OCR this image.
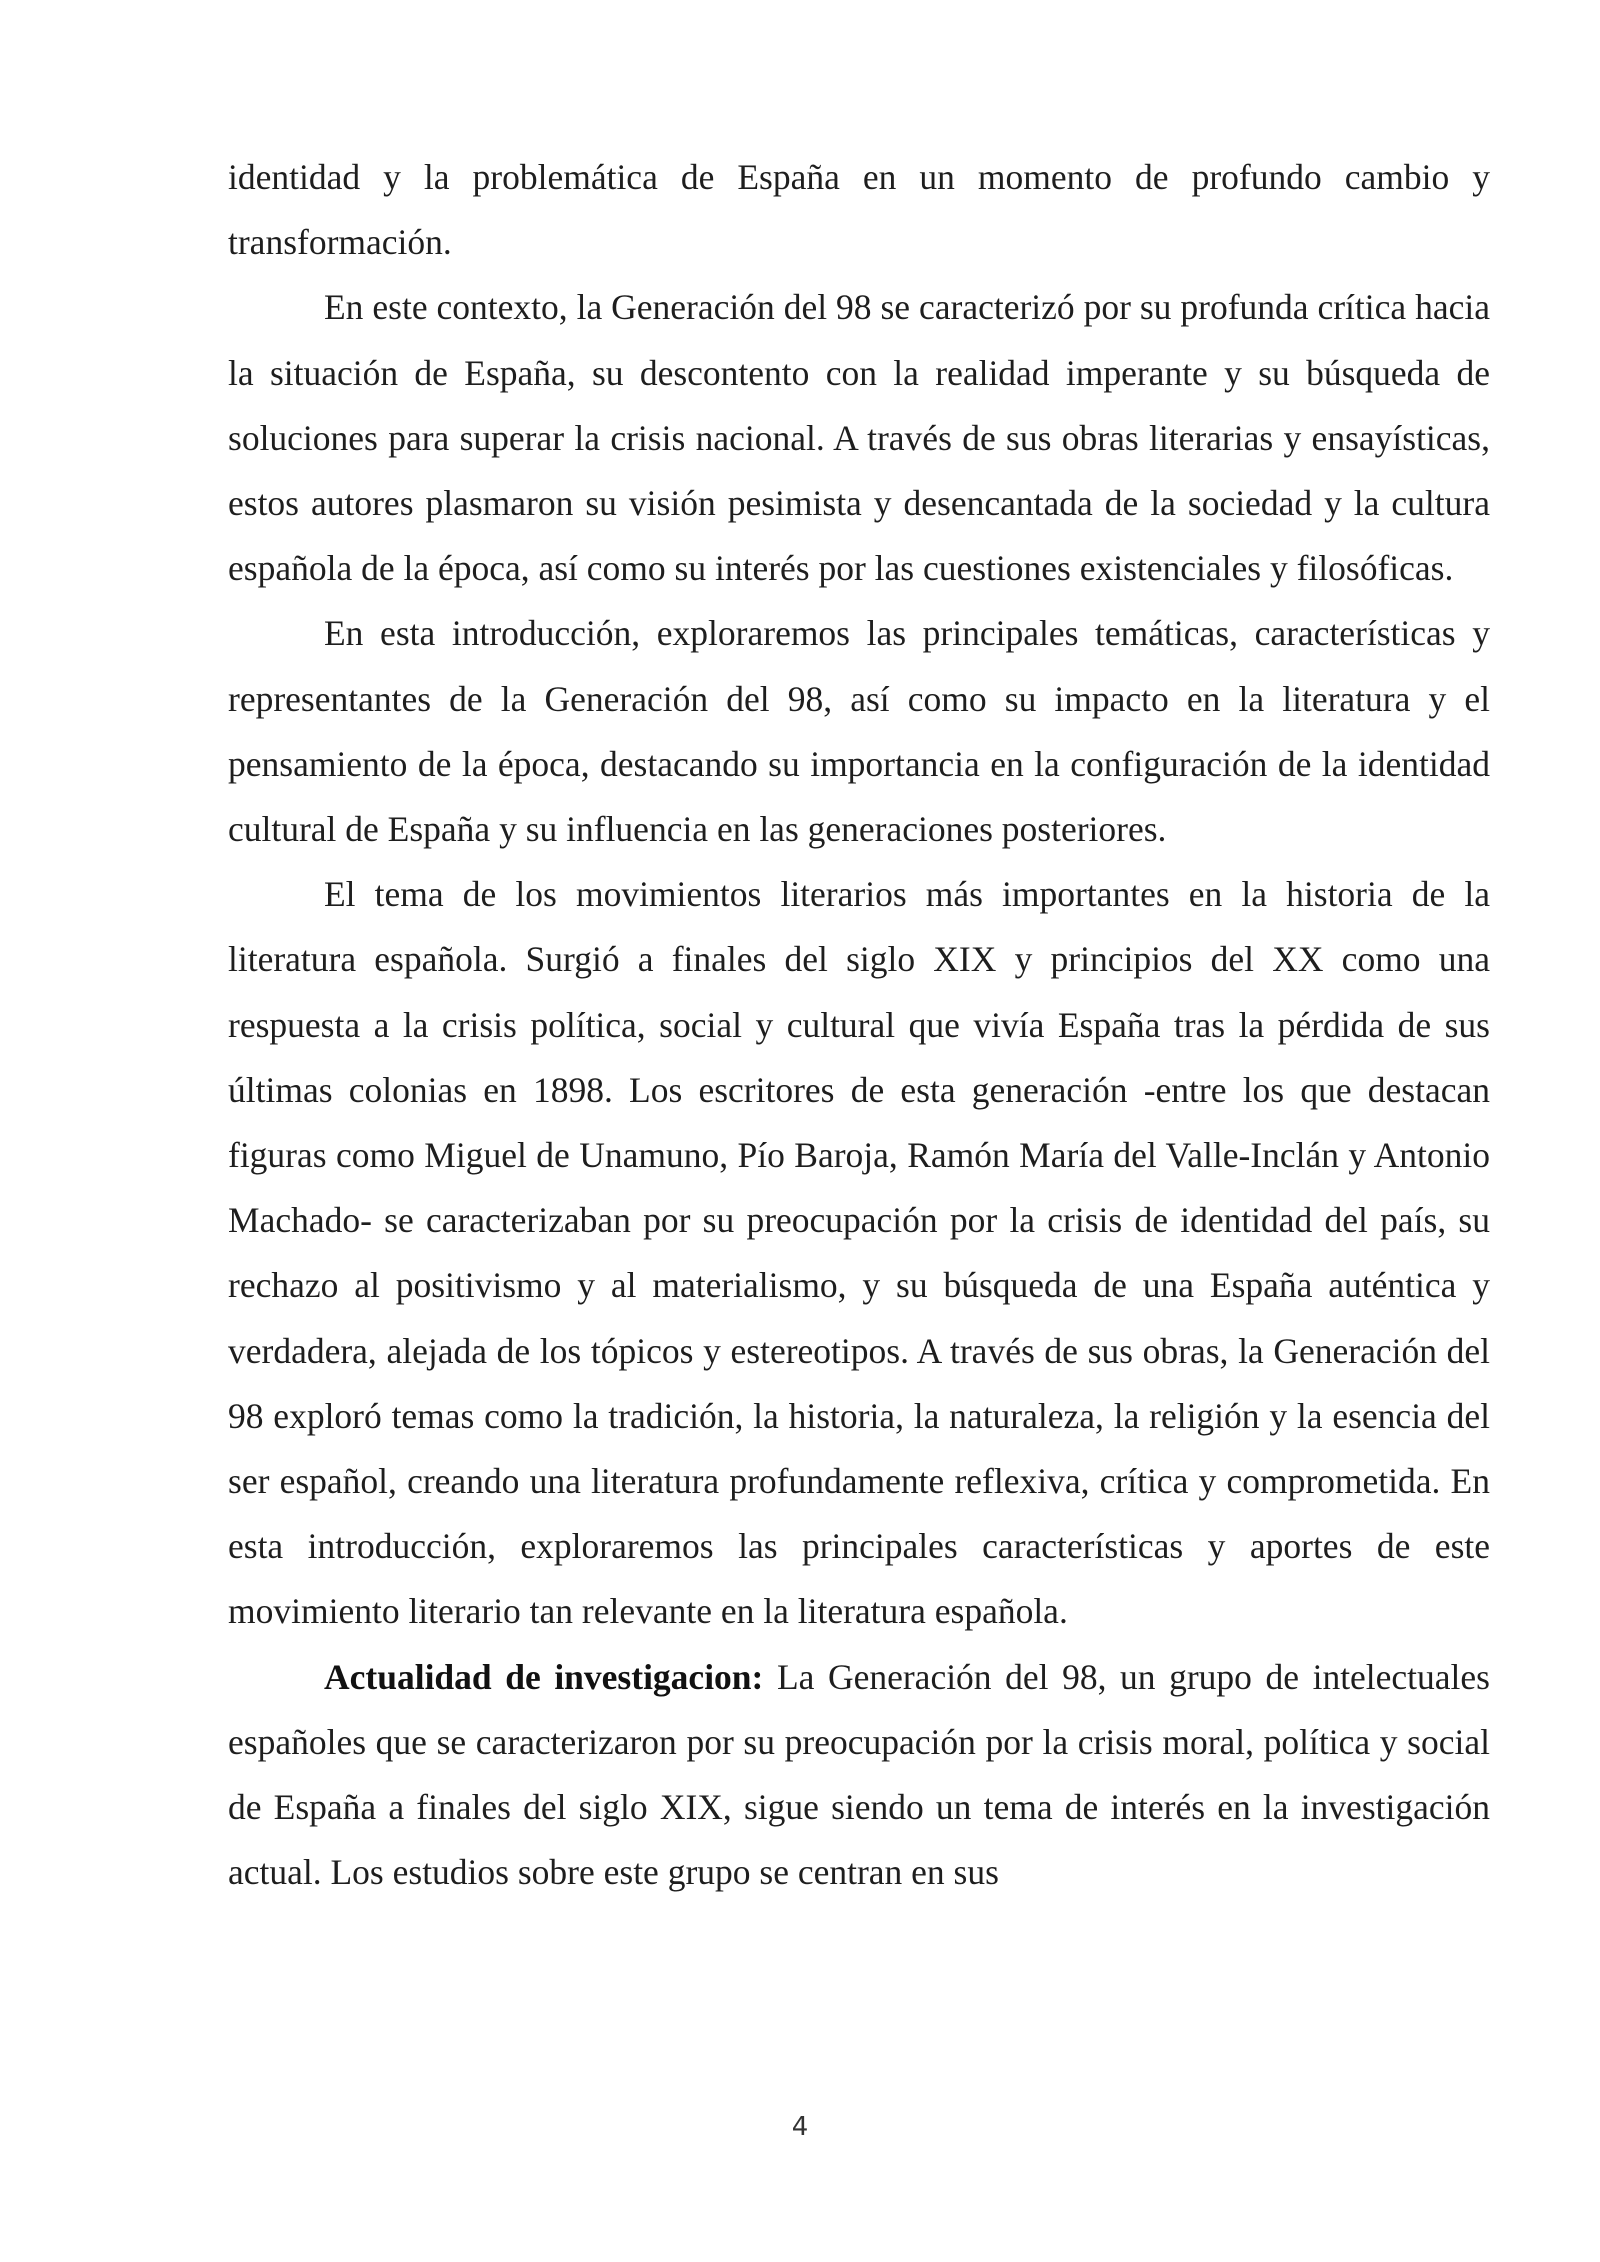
identidad y la problemática de España en un momento de profundo cambio y transformación.

En este contexto, la Generación del 98 se caracterizó por su profunda crítica hacia la situación de España, su descontento con la realidad imperante y su búsqueda de soluciones para superar la crisis nacional. A través de sus obras literarias y ensayísticas, estos autores plasmaron su visión pesimista y desencantada de la sociedad y la cultura española de la época, así como su interés por las cuestiones existenciales y filosóficas.

En esta introducción, exploraremos las principales temáticas, características y representantes de la Generación del 98, así como su impacto en la literatura y el pensamiento de la época, destacando su importancia en la configuración de la identidad cultural de España y su influencia en las generaciones posteriores.

El tema de los movimientos literarios más importantes en la historia de la literatura española. Surgió a finales del siglo XIX y principios del XX como una respuesta a la crisis política, social y cultural que vivía España tras la pérdida de sus últimas colonias en 1898. Los escritores de esta generación -entre los que destacan figuras como Miguel de Unamuno, Pío Baroja, Ramón María del Valle-Inclán y Antonio Machado- se caracterizaban por su preocupación por la crisis de identidad del país, su rechazo al positivismo y al materialismo, y su búsqueda de una España auténtica y verdadera, alejada de los tópicos y estereotipos. A través de sus obras, la Generación del 98 exploró temas como la tradición, la historia, la naturaleza, la religión y la esencia del ser español, creando una literatura profundamente reflexiva, crítica y comprometida. En esta introducción, exploraremos las principales características y aportes de este movimiento literario tan relevante en la literatura española.

Actualidad de investigacion: La Generación del 98, un grupo de intelectuales españoles que se caracterizaron por su preocupación por la crisis moral, política y social de España a finales del siglo XIX, sigue siendo un tema de interés en la investigación actual. Los estudios sobre este grupo se centran en sus

4
